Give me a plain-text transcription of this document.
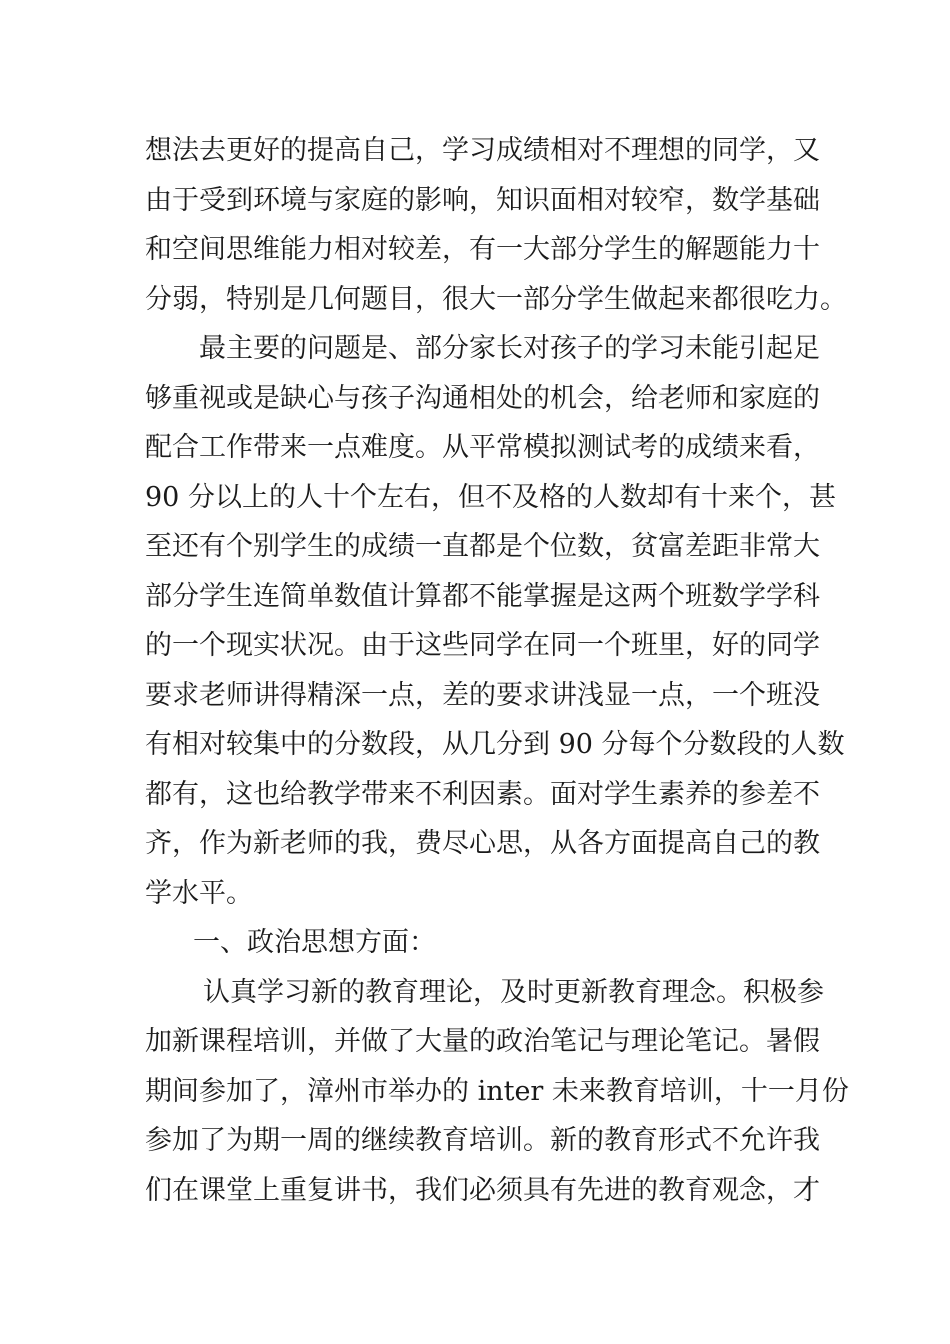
想法去更好的提高自己，学习成绩相对不理想的同学，又
由于受到环境与家庭的影响，知识面相对较窄，数学基础
和空间思维能力相对较差，有一大部分学生的解题能力十
分弱，特别是几何题目，很大一部分学生做起来都很吃力。
最主要的问题是、部分家长对孩子的学习未能引起足
够重视或是缺心与孩子沟通相处的机会，给老师和家庭的
配合工作带来一点难度。从平常模拟测试考的成绩来看，
90 分以上的人十个左右，但不及格的人数却有十来个，甚
至还有个别学生的成绩一直都是个位数，贫富差距非常大
部分学生连简单数值计算都不能掌握是这两个班数学学科
的一个现实状况。由于这些同学在同一个班里，好的同学
要求老师讲得精深一点，差的要求讲浅显一点，一个班没
有相对较集中的分数段，从几分到 90 分每个分数段的人数
都有，这也给教学带来不利因素。面对学生素养的参差不
齐，作为新老师的我，费尽心思，从各方面提高自己的教
学水平。
一、政治思想方面：
认真学习新的教育理论，及时更新教育理念。积极参
加新课程培训，并做了大量的政治笔记与理论笔记。暑假
期间参加了，漳州市举办的 inter 未来教育培训，十一月份
参加了为期一周的继续教育培训。新的教育形式不允许我
们在课堂上重复讲书，我们必须具有先进的教育观念，才
